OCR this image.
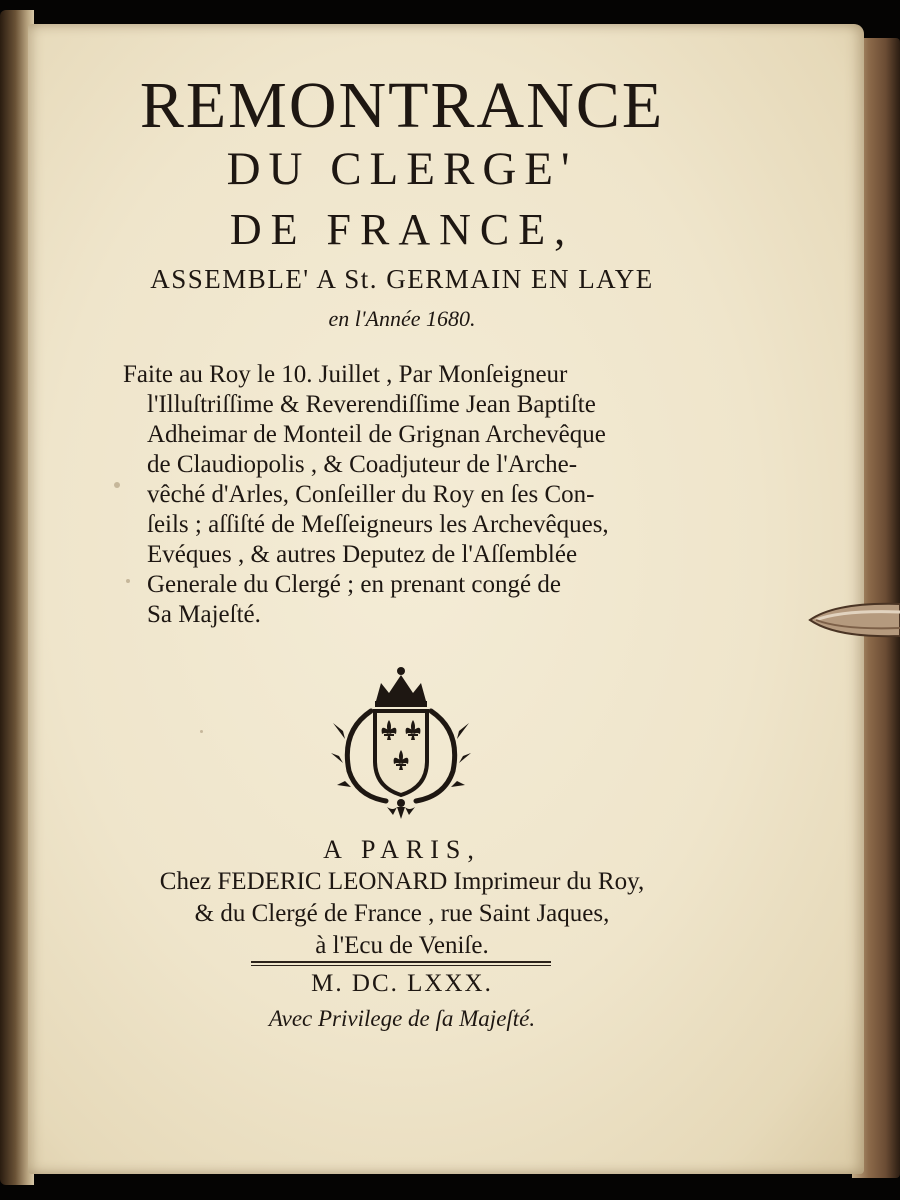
REMONTRANCE
DU CLERGE'
DE FRANCE,
ASSEMBLE' A St. GERMAIN EN LAYE
en l'Année 1680.
Faite au Roy le 10. Juillet , Par Monſeigneur
l'Illuſtriſſime & Reverendiſſime Jean Baptiſte
Adheimar de Monteil de Grignan Archevêque
de Claudiopolis , & Coadjuteur de l'Arche-
vêché d'Arles, Conſeiller du Roy en ſes Con-
ſeils ; aſſiſté de Meſſeigneurs les Archevêques,
Evéques , & autres Deputez de l'Aſſemblée
Generale du Clergé ; en prenant congé de
Sa Majeſté.
A PARIS,
Chez FEDERIC LEONARD Imprimeur du Roy,
& du Clergé de France , rue Saint Jaques,
à l'Ecu de Veniſe.
M. DC. LXXX.
Avec Privilege de ſa Majeſté.
